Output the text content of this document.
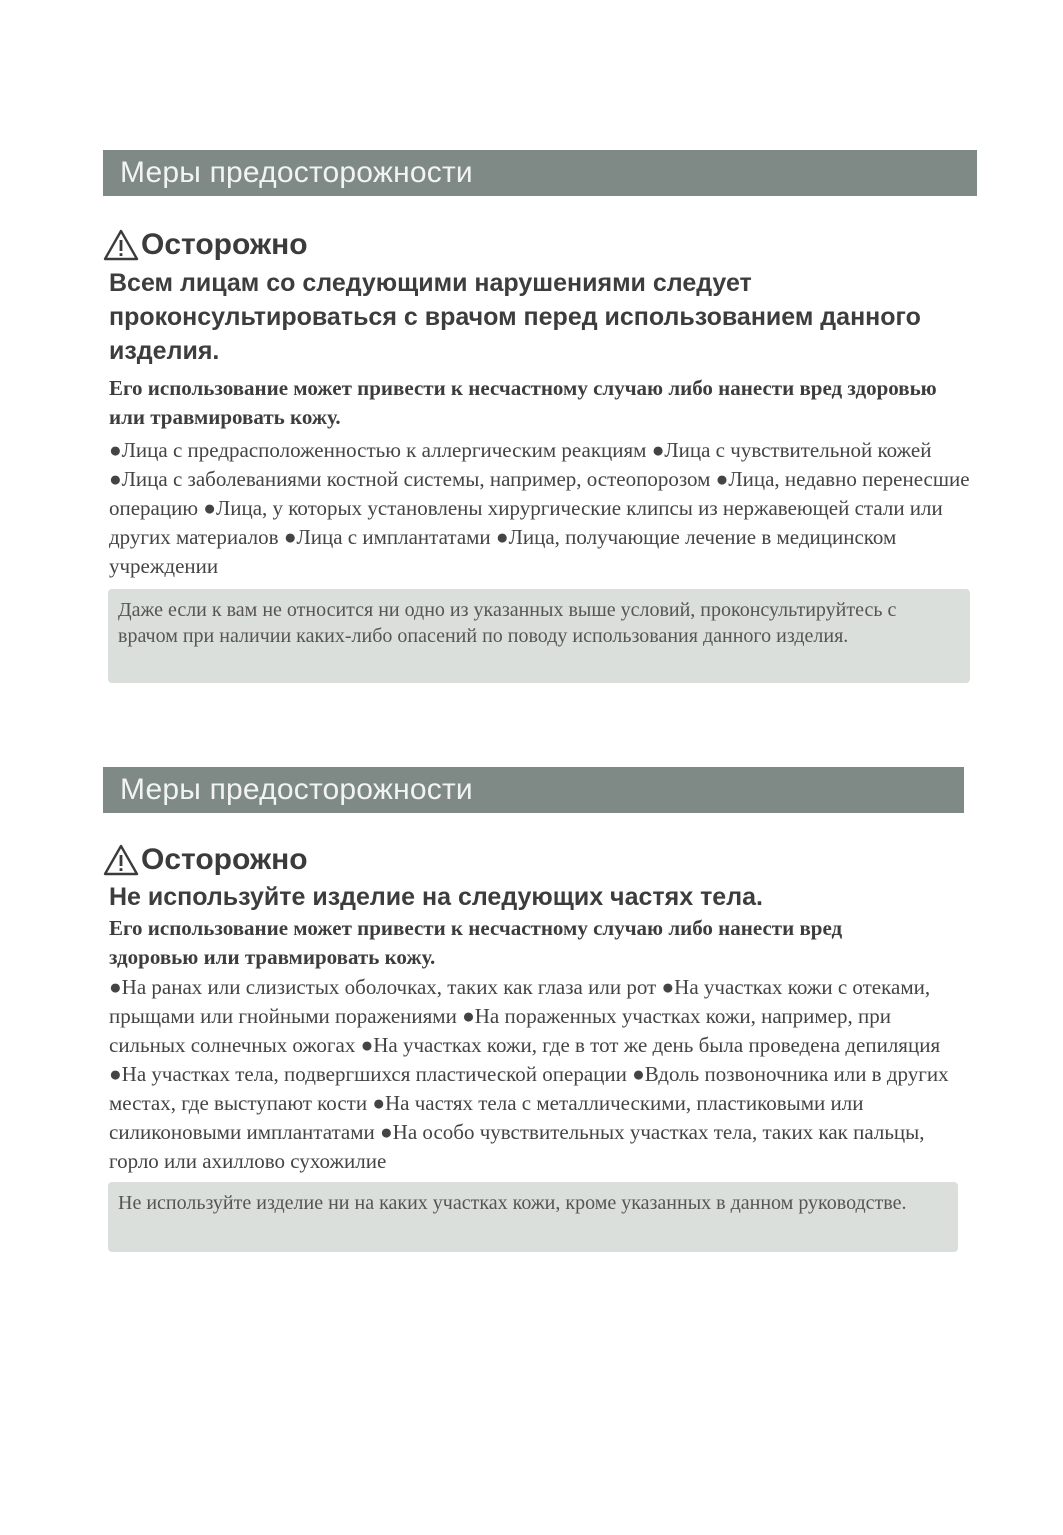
Меры предосторожности
Осторожно
Всем лицам со следующими нарушениями следует проконсультироваться с врачом перед использованием данного изделия.
Его использование может привести к несчастному случаю либо нанести вред здоровью или травмировать кожу.
●Лица с предрасположенностью к аллергическим реакциям ●Лица с чувствительной кожей ●Лица с заболеваниями костной системы, например, остеопорозом ●Лица, недавно перенесшие операцию ●Лица, у которых установлены хирургические клипсы из нержавеющей стали или других материалов ●Лица с имплантатами ●Лица, получающие лечение в медицинском учреждении
Даже если к вам не относится ни одно из указанных выше условий, проконсультируйтесь с врачом при наличии каких-либо опасений по поводу использования данного изделия.
Меры предосторожности
Осторожно
Не используйте изделие на следующих частях тела.
Его использование может привести к несчастному случаю либо нанести вред здоровью или травмировать кожу.
●На ранах или слизистых оболочках, таких как глаза или рот ●На участках кожи с отеками, прыщами или гнойными поражениями ●На пораженных участках кожи, например, при сильных солнечных ожогах ●На участках кожи, где в тот же день была проведена депиляция ●На участках тела, подвергшихся пластической операции ●Вдоль позвоночника или в других местах, где выступают кости ●На частях тела с металлическими, пластиковыми или силиконовыми имплантатами ●На особо чувствительных участках тела, таких как пальцы, горло или ахиллово сухожилие
Не используйте изделие ни на каких участках кожи, кроме указанных в данном руководстве.
